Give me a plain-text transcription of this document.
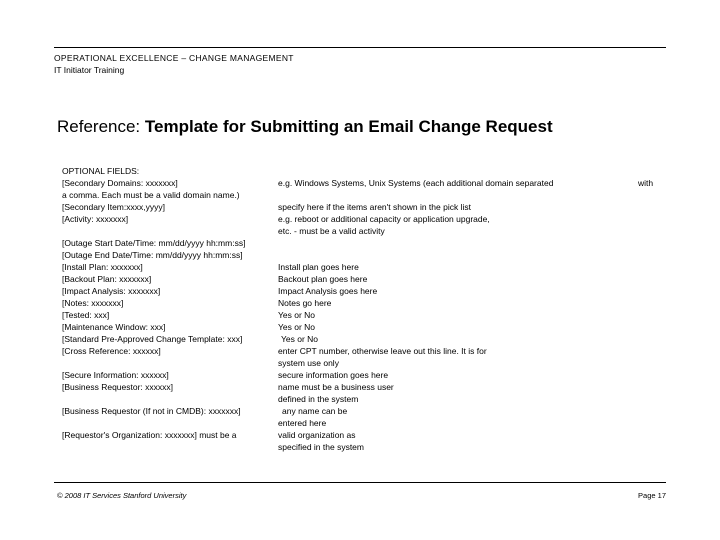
OPERATIONAL EXCELLENCE – CHANGE MANAGEMENT
IT Initiator Training
Reference: Template for Submitting an Email Change Request
OPTIONAL FIELDS:
[Secondary Domains: xxxxxxx]	e.g. Windows Systems, Unix Systems (each additional domain separated	with
a comma. Each must be a valid domain name.)
[Secondary Item:xxxx,yyyy]	specify here if the items aren't shown in the pick list
[Activity: xxxxxxx]	e.g. reboot or additional capacity or application upgrade,
etc. - must be a valid activity
[Outage Start Date/Time: mm/dd/yyyy hh:mm:ss]
[Outage End Date/Time: mm/dd/yyyy hh:mm:ss]
[Install Plan: xxxxxxx]	Install plan goes here
[Backout Plan: xxxxxxx]	Backout plan goes here
[Impact Analysis: xxxxxxx]	Impact Analysis goes here
[Notes: xxxxxxx]	Notes go here
[Tested: xxx]	Yes or No
[Maintenance Window: xxx]	Yes or No
[Standard Pre-Approved Change Template: xxx]	Yes or No
[Cross Reference: xxxxxx]	enter CPT number, otherwise leave out this line. It is for
system use only
[Secure Information: xxxxxx]	secure information goes here
[Business Requestor: xxxxxx]	name must be a business user
defined in the system
[Business Requestor (If not in CMDB): xxxxxxx]	any name can be
entered here
[Requestor's Organization: xxxxxxx] must be a	valid organization as
specified in the system
© 2008 IT Services Stanford University	Page 17
